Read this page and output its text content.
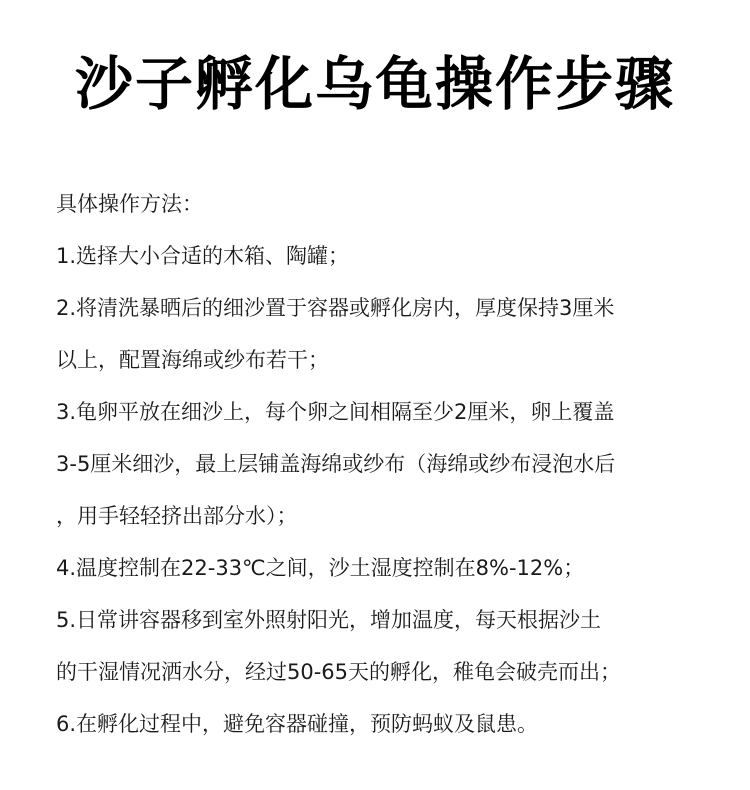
沙子孵化乌龟操作步骤
具体操作方法：
1.选择大小合适的木箱、陶罐；
2.将清洗暴晒后的细沙置于容器或孵化房内，厚度保持3厘米
以上，配置海绵或纱布若干；
3.龟卵平放在细沙上，每个卵之间相隔至少2厘米，卵上覆盖
3-5厘米细沙，最上层铺盖海绵或纱布（海绵或纱布浸泡水后
，用手轻轻挤出部分水）；
4.温度控制在22-33℃之间，沙土湿度控制在8%-12%；
5.日常讲容器移到室外照射阳光，增加温度，每天根据沙土
的干湿情况洒水分，经过50-65天的孵化，稚龟会破壳而出；
6.在孵化过程中，避免容器碰撞，预防蚂蚁及鼠患。
